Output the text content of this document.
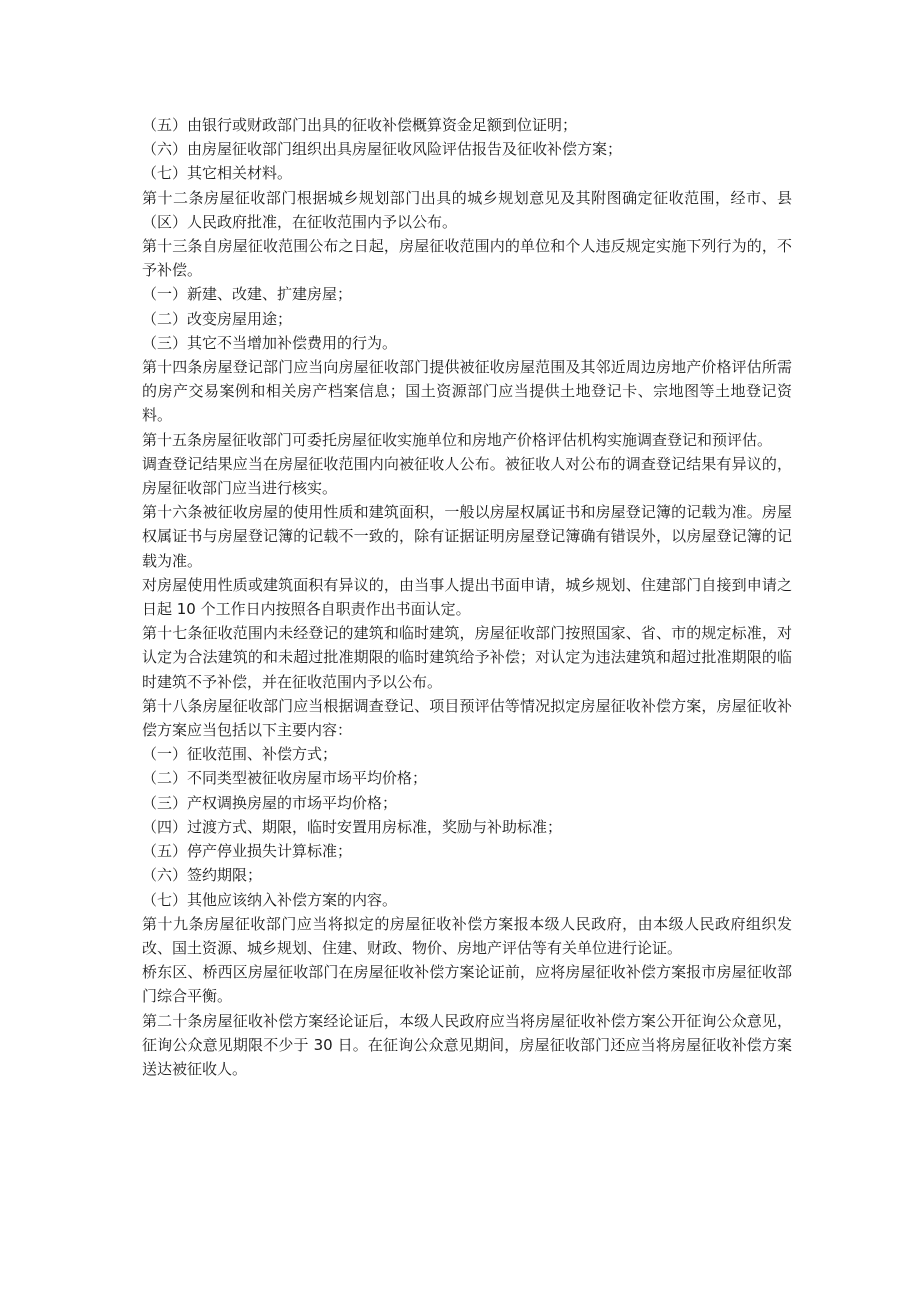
（五）由银行或财政部门出具的征收补偿概算资金足额到位证明；

（六）由房屋征收部门组织出具房屋征收风险评估报告及征收补偿方案；

（七）其它相关材料。

第十二条房屋征收部门根据城乡规划部门出具的城乡规划意见及其附图确定征收范围，经市、县（区）人民政府批准，在征收范围内予以公布。

第十三条自房屋征收范围公布之日起，房屋征收范围内的单位和个人违反规定实施下列行为的，不予补偿。

（一）新建、改建、扩建房屋；

（二）改变房屋用途；

（三）其它不当增加补偿费用的行为。

第十四条房屋登记部门应当向房屋征收部门提供被征收房屋范围及其邻近周边房地产价格评估所需的房产交易案例和相关房产档案信息；国土资源部门应当提供土地登记卡、宗地图等土地登记资料。

第十五条房屋征收部门可委托房屋征收实施单位和房地产价格评估机构实施调查登记和预评估。

调查登记结果应当在房屋征收范围内向被征收人公布。被征收人对公布的调查登记结果有异议的，房屋征收部门应当进行核实。

第十六条被征收房屋的使用性质和建筑面积，一般以房屋权属证书和房屋登记簿的记载为准。房屋权属证书与房屋登记簿的记载不一致的，除有证据证明房屋登记簿确有错误外，以房屋登记簿的记载为准。

对房屋使用性质或建筑面积有异议的，由当事人提出书面申请，城乡规划、住建部门自接到申请之日起 10 个工作日内按照各自职责作出书面认定。

第十七条征收范围内未经登记的建筑和临时建筑，房屋征收部门按照国家、省、市的规定标准，对认定为合法建筑的和未超过批准期限的临时建筑给予补偿；对认定为违法建筑和超过批准期限的临时建筑不予补偿，并在征收范围内予以公布。

第十八条房屋征收部门应当根据调查登记、项目预评估等情况拟定房屋征收补偿方案，房屋征收补偿方案应当包括以下主要内容：

（一）征收范围、补偿方式；

（二）不同类型被征收房屋市场平均价格；

（三）产权调换房屋的市场平均价格；

（四）过渡方式、期限，临时安置用房标准，奖励与补助标准；

（五）停产停业损失计算标准；

（六）签约期限；

（七）其他应该纳入补偿方案的内容。

第十九条房屋征收部门应当将拟定的房屋征收补偿方案报本级人民政府，由本级人民政府组织发改、国土资源、城乡规划、住建、财政、物价、房地产评估等有关单位进行论证。

桥东区、桥西区房屋征收部门在房屋征收补偿方案论证前，应将房屋征收补偿方案报市房屋征收部门综合平衡。

第二十条房屋征收补偿方案经论证后，本级人民政府应当将房屋征收补偿方案公开征询公众意见，征询公众意见期限不少于 30 日。在征询公众意见期间，房屋征收部门还应当将房屋征收补偿方案送达被征收人。
